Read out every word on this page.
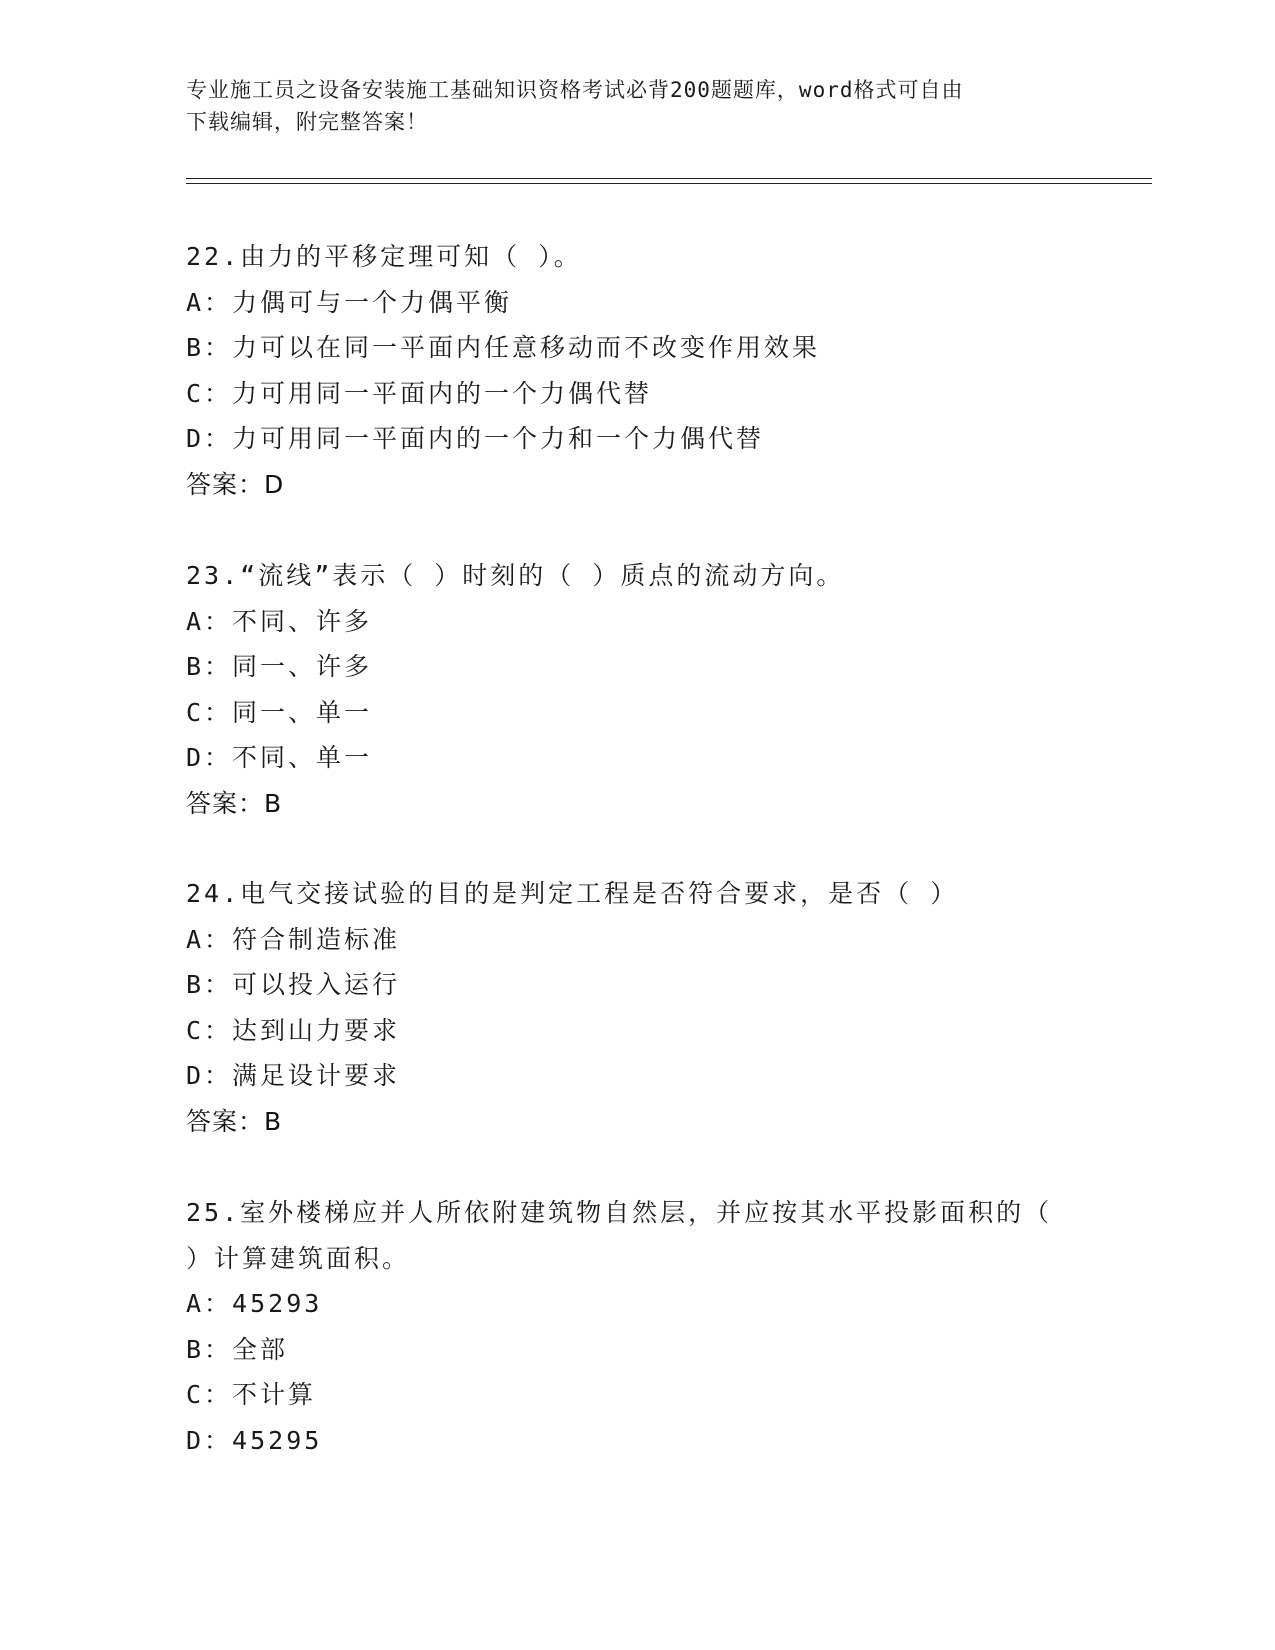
专业施工员之设备安装施工基础知识资格考试必背200题题库，word格式可自由
下载编辑，附完整答案！
22.由力的平移定理可知（ ）。
A：力偶可与一个力偶平衡
B：力可以在同一平面内任意移动而不改变作用效果
C：力可用同一平面内的一个力偶代替
D：力可用同一平面内的一个力和一个力偶代替
答案：D
23.“流线”表示（ ）时刻的（ ）质点的流动方向。
A：不同、许多
B：同一、许多
C：同一、单一
D：不同、单一
答案：B
24.电气交接试验的目的是判定工程是否符合要求，是否（ ）
A：符合制造标准
B：可以投入运行
C：达到山力要求
D：满足设计要求
答案：B
25.室外楼梯应并人所依附建筑物自然层，并应按其水平投影面积的（
）计算建筑面积。
A：45293
B：全部
C：不计算
D：45295
